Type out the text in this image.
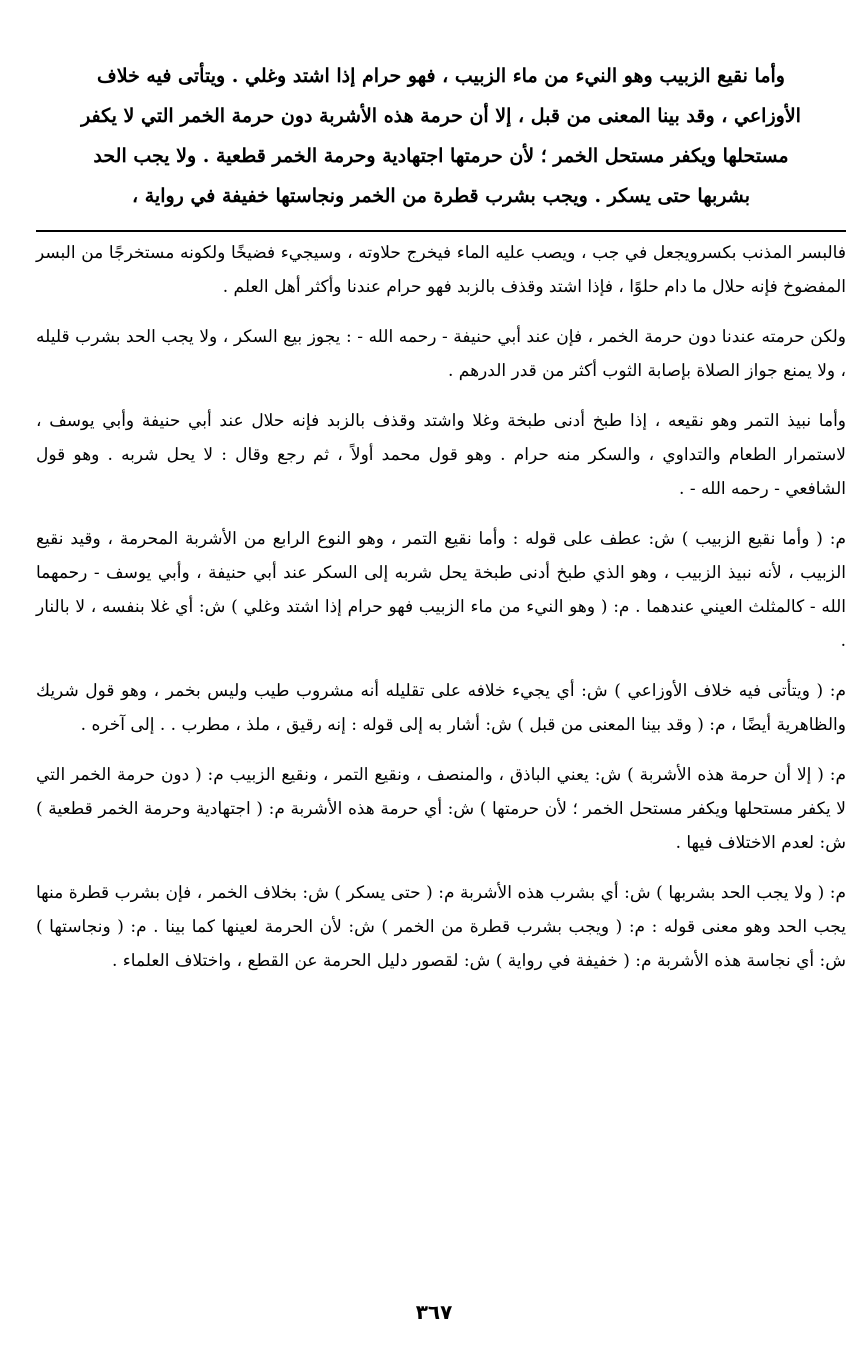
وأما نقيع الزبيب وهو النيء من ماء الزبيب ، فهو حرام إذا اشتد وغلي . ويتأتى فيه خلاف

الأوزاعي ، وقد بينا المعنى من قبل ، إلا أن حرمة هذه الأشربة دون حرمة الخمر التي لا يكفر

مستحلها ويكفر مستحل الخمر ؛ لأن حرمتها اجتهادية وحرمة الخمر قطعية . ولا يجب الحد

بشربها حتى يسكر . ويجب بشرب قطرة من الخمر ونجاستها خفيفة في رواية ،

فالبسر المذنب بكسرويجعل في جب ، ويصب عليه الماء فيخرج حلاوته ، وسيجيء فضيخًا ولكونه مستخرجًا من البسر المفضوخ فإنه حلال ما دام حلوًا ، فإذا اشتد وقذف بالزبد فهو حرام عندنا وأكثر أهل العلم .

ولكن حرمته عندنا دون حرمة الخمر ، فإن عند أبي حنيفة - رحمه الله - : يجوز بيع السكر ، ولا يجب الحد بشرب قليله ، ولا يمنع جواز الصلاة بإصابة الثوب أكثر من قدر الدرهم .

وأما نبيذ التمر وهو نقيعه ، إذا طبخ أدنى طبخة وغلا واشتد وقذف بالزبد فإنه حلال عند أبي حنيفة وأبي يوسف ، لاستمرار الطعام والتداوي ، والسكر منه حرام . وهو قول محمد أولاً ، ثم رجع وقال : لا يحل شربه . وهو قول الشافعي - رحمه الله - .

م: ( وأما نقيع الزبيب ) ش: عطف على قوله : وأما نقيع التمر ، وهو النوع الرابع من الأشربة المحرمة ، وقيد نقيع الزبيب ، لأنه نبيذ الزبيب ، وهو الذي طبخ أدنى طبخة يحل شربه إلى السكر عند أبي حنيفة ، وأبي يوسف - رحمهما الله - كالمثلث العيني عندهما . م: ( وهو النيء من ماء الزبيب فهو حرام إذا اشتد وغلي ) ش: أي غلا بنفسه ، لا بالنار .

م: ( ويتأتى فيه خلاف الأوزاعي ) ش: أي يجيء خلافه على تقليله أنه مشروب طيب وليس بخمر ، وهو قول شريك والظاهرية أيضًا ، م: ( وقد بينا المعنى من قبل ) ش: أشار به إلى قوله : إنه رقيق ، ملذ ، مطرب . . إلى آخره .

م: ( إلا أن حرمة هذه الأشربة ) ش: يعني الباذق ، والمنصف ، ونقيع التمر ، ونقيع الزبيب م: ( دون حرمة الخمر التي لا يكفر مستحلها ويكفر مستحل الخمر ؛ لأن حرمتها ) ش: أي حرمة هذه الأشربة م: ( اجتهادية وحرمة الخمر قطعية ) ش: لعدم الاختلاف فيها .

م: ( ولا يجب الحد بشربها ) ش: أي بشرب هذه الأشربة م: ( حتى يسكر ) ش: بخلاف الخمر ، فإن بشرب قطرة منها يجب الحد وهو معنى قوله : م: ( ويجب بشرب قطرة من الخمر ) ش: لأن الحرمة لعينها كما بينا . م: ( ونجاستها ) ش: أي نجاسة هذه الأشربة م: ( خفيفة في رواية ) ش: لقصور دليل الحرمة عن القطع ، واختلاف العلماء .

٣٦٧
